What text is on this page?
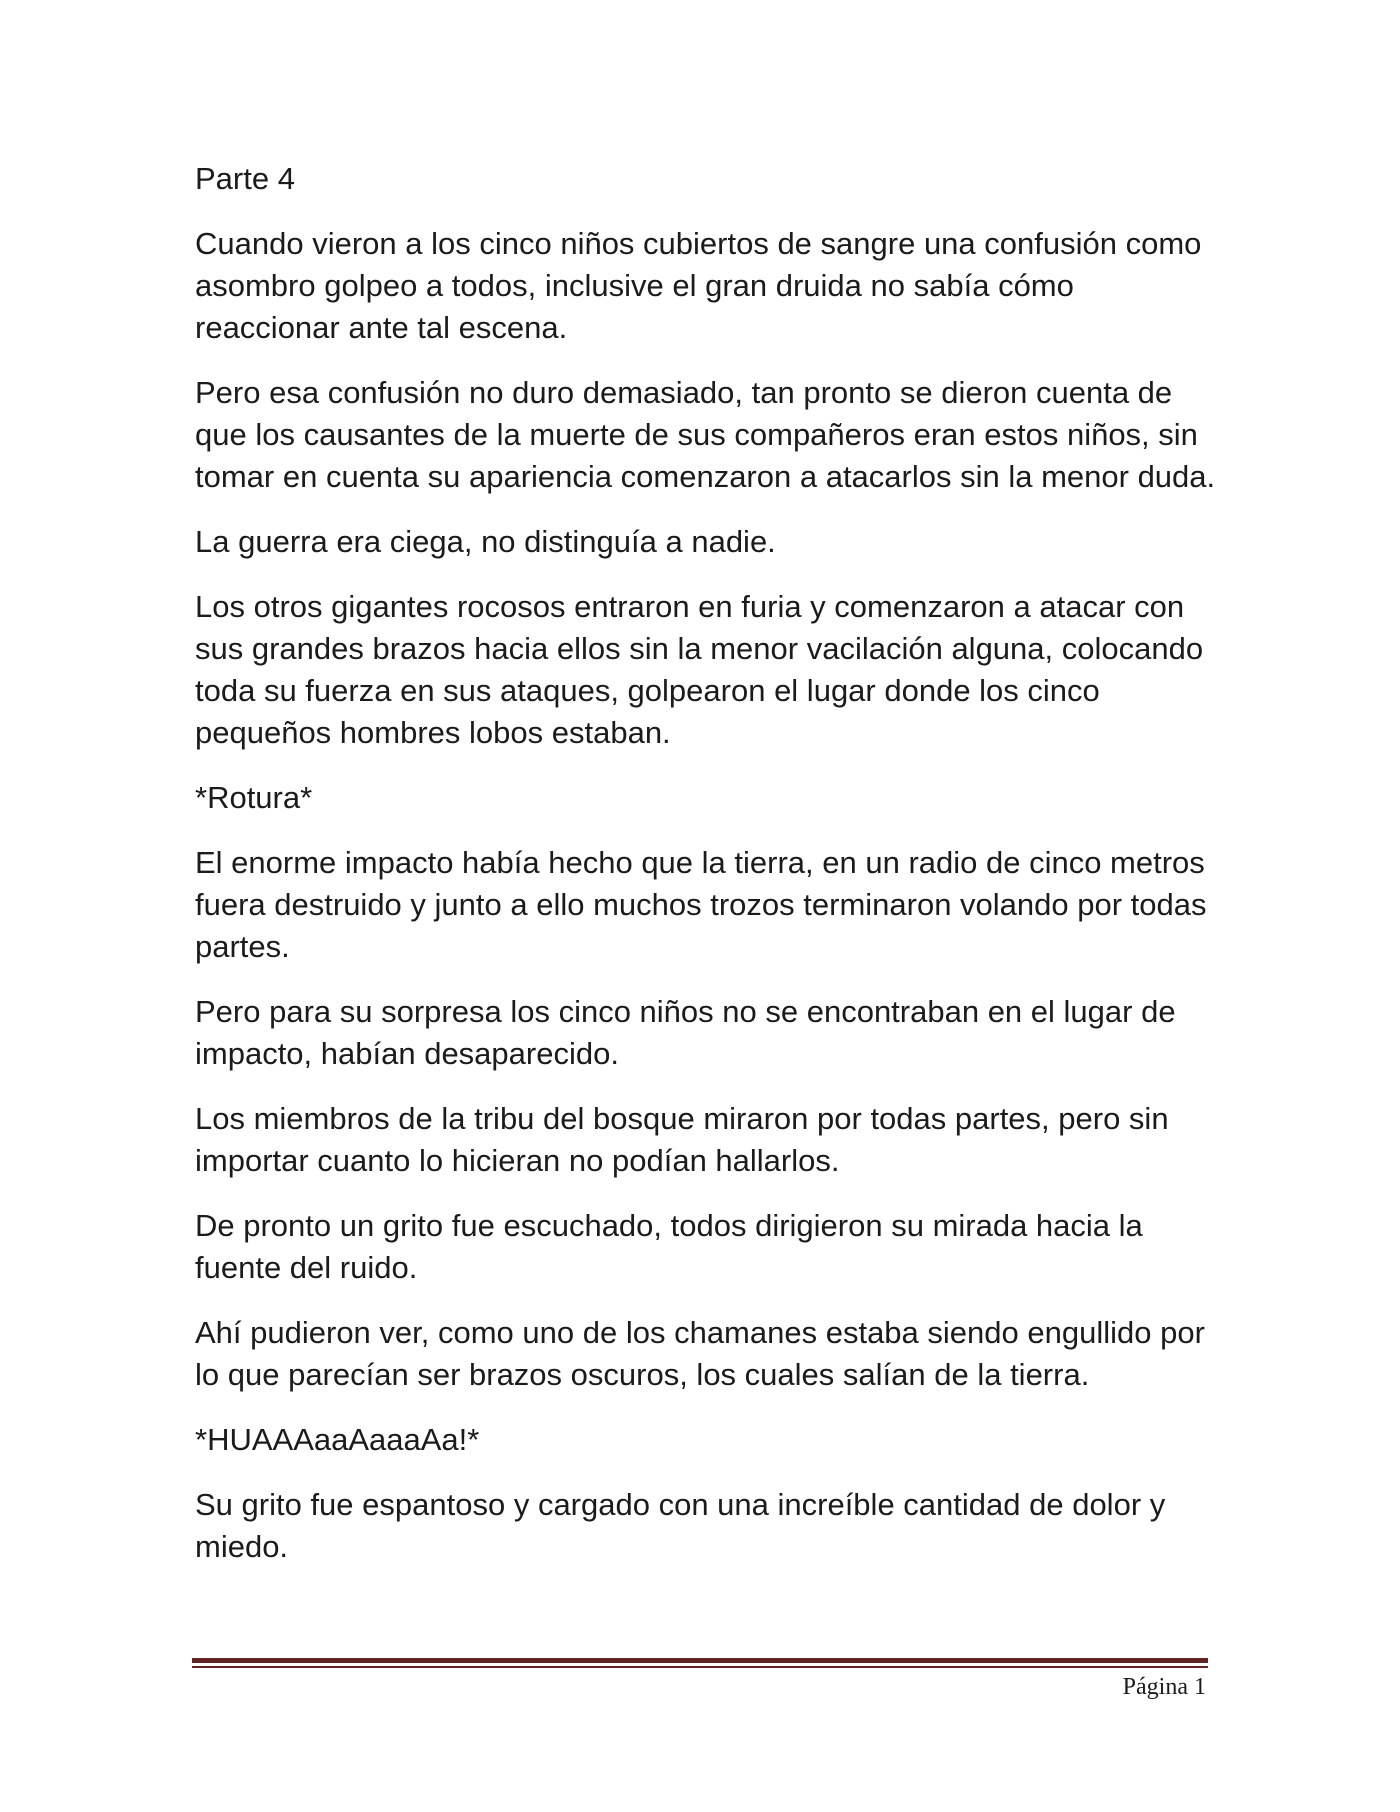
Parte 4

Cuando vieron a los cinco niños cubiertos de sangre una confusión como asombro golpeo a todos, inclusive el gran druida no sabía cómo reaccionar ante tal escena.

Pero esa confusión no duro demasiado, tan pronto se dieron cuenta de que los causantes de la muerte de sus compañeros eran estos niños, sin tomar en cuenta su apariencia comenzaron a atacarlos sin la menor duda.

La guerra era ciega, no distinguía a nadie.

Los otros gigantes rocosos entraron en furia y comenzaron a atacar con sus grandes brazos hacia ellos sin la menor vacilación alguna, colocando toda su fuerza en sus ataques, golpearon el lugar donde los cinco pequeños hombres lobos estaban.

*Rotura*

El enorme impacto había hecho que la tierra, en un radio de cinco metros fuera destruido y junto a ello muchos trozos terminaron volando por todas partes.

Pero para su sorpresa los cinco niños no se encontraban en el lugar de impacto, habían desaparecido.

Los miembros de la tribu del bosque miraron por todas partes, pero sin importar cuanto lo hicieran no podían hallarlos.

De pronto un grito fue escuchado, todos dirigieron su mirada hacia la fuente del ruido.

Ahí pudieron ver, como uno de los chamanes estaba siendo engullido por lo que parecían ser brazos oscuros, los cuales salían de la tierra.

*HUAAAaaAaaaAa!*

Su grito fue espantoso y cargado con una increíble cantidad de dolor y miedo.

Página 1
